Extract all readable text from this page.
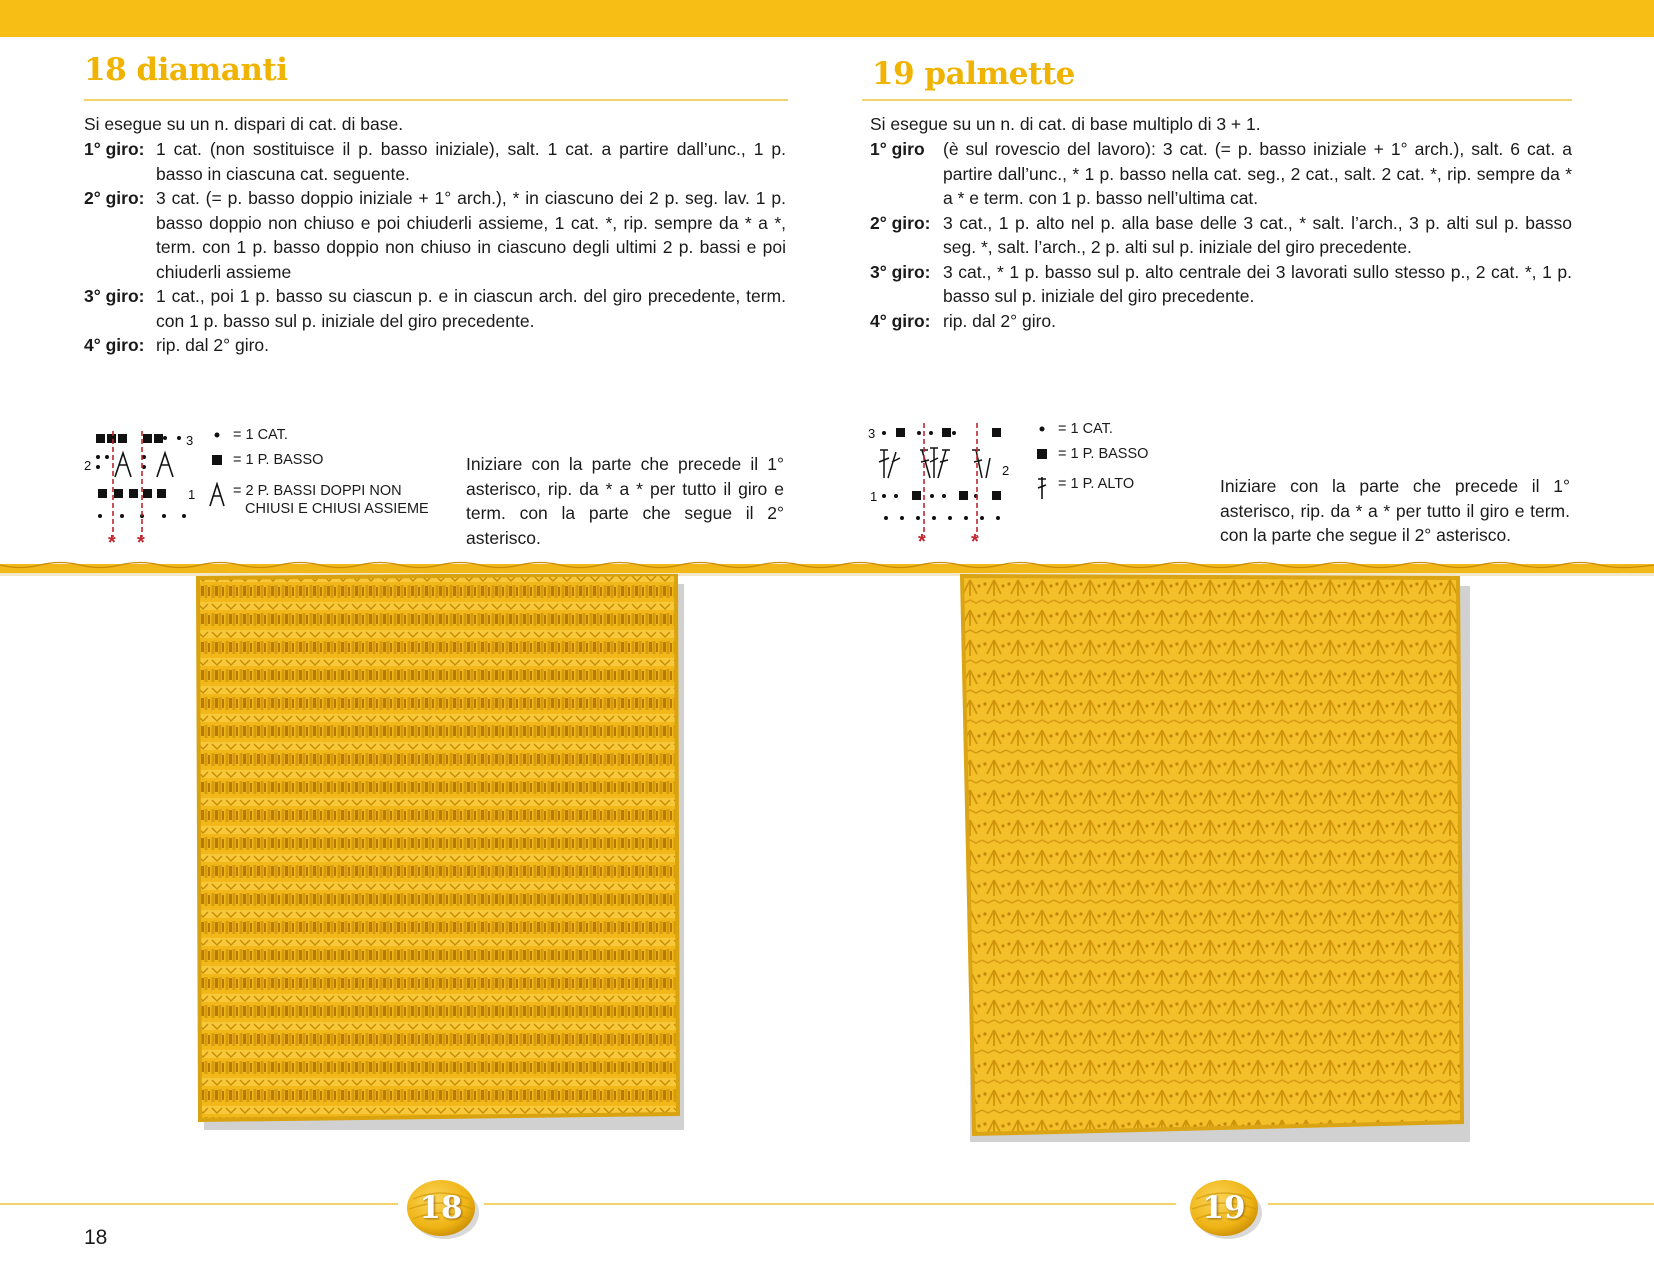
18 diamanti
Si esegue su un n. dispari di cat. di base.
1° giro: 1 cat. (non sostituisce il p. basso iniziale), salt. 1 cat. a partire dall’unc., 1 p. basso in ciascuna cat. seguente.
2° giro: 3 cat. (= p. basso doppio iniziale + 1° arch.), * in ciascuno dei 2 p. seg. lav. 1 p. basso doppio non chiuso e poi chiuderli assieme, 1 cat. *, rip. sempre da * a *, term. con 1 p. basso doppio non chiuso in ciascuno degli ultimi 2 p. bassi e poi chiuderli assieme
3° giro: 1 cat., poi 1 p. basso su ciascun p. e in ciascun arch. del giro precedente, term. con 1 p. basso sul p. iniziale del giro precedente.
4° giro: rip. dal 2° giro.
3
2
1
* *
= 1 CAT.
= 1 P. BASSO
= 2 P. BASSI DOPPI NON
CHIUSI E CHIUSI ASSIEME
Iniziare con la parte che precede il 1° asterisco, rip. da * a * per tutto il giro e term. con la parte che segue il 2° asterisco.
19 palmette
Si esegue su un n. di cat. di base multiplo di 3 + 1.
1° giro	(è sul rovescio del lavoro): 3 cat. (= p. basso iniziale + 1° arch.), salt. 6 cat. a partire dall’unc., * 1 p. basso nella cat. seg., 2 cat., salt. 2 cat. *, rip. sempre da * a * e term. con 1 p. basso nell’ultima cat.
2° giro: 3 cat., 1 p. alto nel p. alla base delle 3 cat., * salt. l’arch., 3 p. alti sul p. basso seg. *, salt. l’arch., 2 p. alti sul p. iniziale del giro precedente.
3° giro: 3 cat., * 1 p. basso sul p. alto centrale dei 3 lavorati sullo stesso p., 2 cat. *, 1 p. basso sul p. iniziale del giro precedente.
4° giro: rip. dal 2° giro.
3
2
1
* *
= 1 CAT.
= 1 P. BASSO
= 1 P. ALTO	Iniziare con la parte che precede il 1° asterisco, rip. da * a * per tutto il giro e term. con la parte che segue il 2° asterisco.
18	19
18
